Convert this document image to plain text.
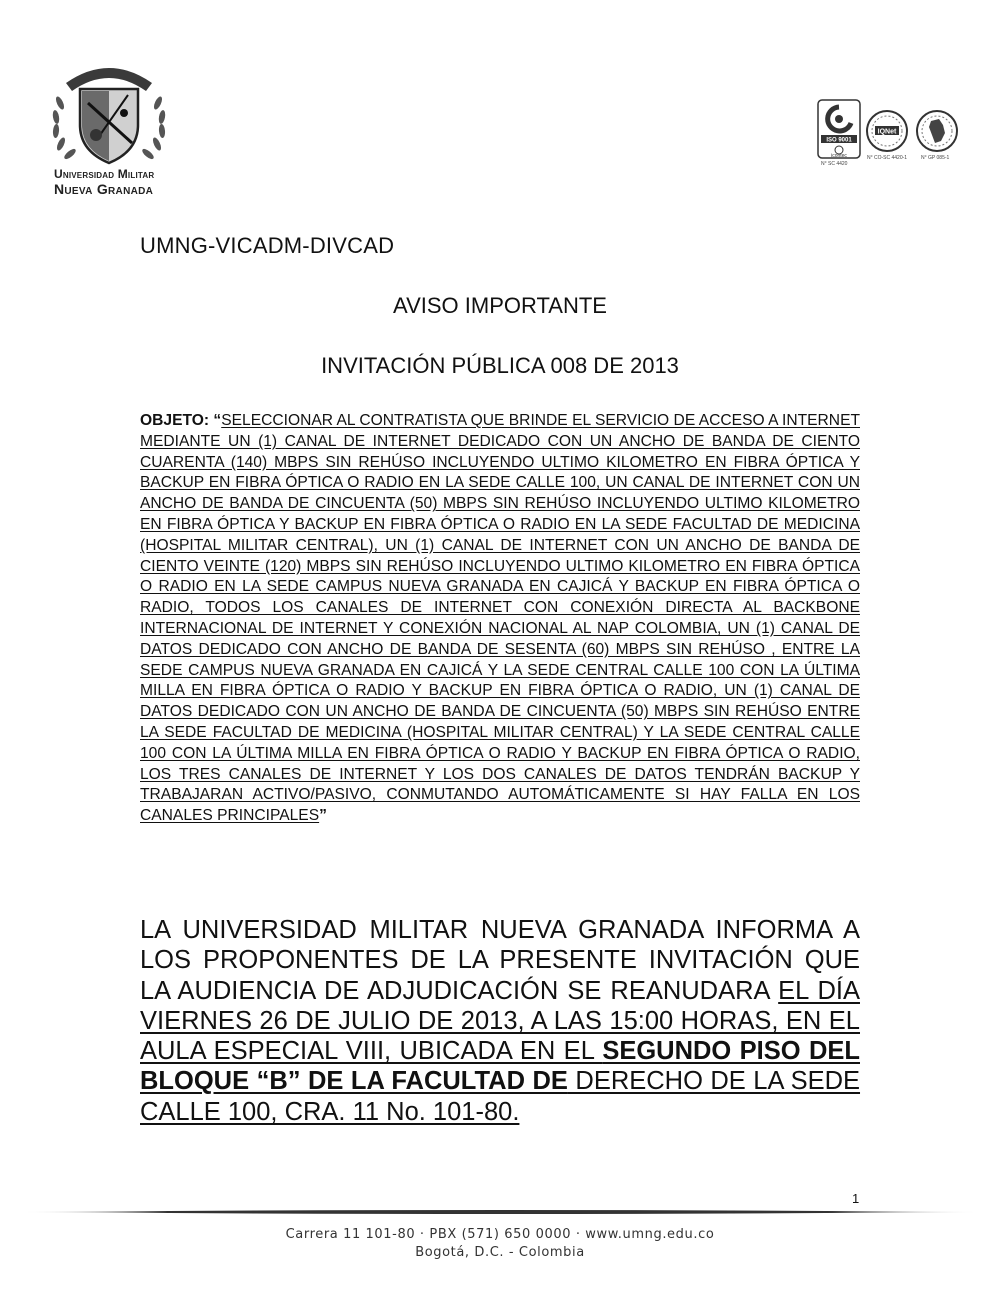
Universidad Militar
Nueva Granada
ISO 9001
icontec
N° SC 4420
IQNet
N° CO-SC 4420-1	N° GP 085-1
UMNG-VICADM-DIVCAD
AVISO IMPORTANTE
INVITACIÓN PÚBLICA 008 DE 2013
OBJETO: “SELECCIONAR AL CONTRATISTA QUE BRINDE EL SERVICIO DE ACCESO A INTERNET MEDIANTE UN (1) CANAL DE INTERNET DEDICADO CON UN ANCHO DE BANDA DE CIENTO CUARENTA (140) MBPS SIN REHÚSO INCLUYENDO ULTIMO KILOMETRO EN FIBRA ÓPTICA Y BACKUP EN FIBRA ÓPTICA O RADIO EN LA SEDE CALLE 100, UN CANAL DE INTERNET CON UN ANCHO DE BANDA DE CINCUENTA (50) MBPS SIN REHÚSO INCLUYENDO ULTIMO KILOMETRO EN FIBRA ÓPTICA Y BACKUP EN FIBRA ÓPTICA O RADIO EN LA SEDE FACULTAD DE MEDICINA (HOSPITAL MILITAR CENTRAL), UN (1) CANAL DE INTERNET CON UN ANCHO DE BANDA DE CIENTO VEINTE (120) MBPS SIN REHÚSO INCLUYENDO ULTIMO KILOMETRO EN FIBRA ÓPTICA O RADIO EN LA SEDE CAMPUS NUEVA GRANADA EN CAJICÁ Y BACKUP EN FIBRA ÓPTICA O RADIO, TODOS LOS CANALES DE INTERNET CON CONEXIÓN DIRECTA AL BACKBONE INTERNACIONAL DE INTERNET Y CONEXIÓN NACIONAL AL NAP COLOMBIA, UN (1) CANAL DE DATOS DEDICADO CON ANCHO DE BANDA DE SESENTA (60) MBPS SIN REHÚSO , ENTRE LA SEDE CAMPUS NUEVA GRANADA EN CAJICÁ Y LA SEDE CENTRAL CALLE 100 CON LA ÚLTIMA MILLA EN FIBRA ÓPTICA O RADIO Y BACKUP EN FIBRA ÓPTICA O RADIO, UN (1) CANAL DE DATOS DEDICADO CON UN ANCHO DE BANDA DE CINCUENTA (50) MBPS SIN REHÚSO ENTRE LA SEDE FACULTAD DE MEDICINA (HOSPITAL MILITAR CENTRAL) Y LA SEDE CENTRAL CALLE 100 CON LA ÚLTIMA MILLA EN FIBRA ÓPTICA O RADIO Y BACKUP EN FIBRA ÓPTICA O RADIO, LOS TRES CANALES DE INTERNET Y LOS DOS CANALES DE DATOS TENDRÁN BACKUP Y TRABAJARAN ACTIVO/PASIVO, CONMUTANDO AUTOMÁTICAMENTE SI HAY FALLA EN LOS CANALES PRINCIPALES”
LA UNIVERSIDAD MILITAR NUEVA GRANADA INFORMA A LOS PROPONENTES DE LA PRESENTE INVITACIÓN QUE LA AUDIENCIA DE ADJUDICACIÓN SE REANUDARA EL DÍA VIERNES 26 DE JULIO DE 2013, A LAS 15:00 HORAS, EN EL AULA ESPECIAL VIII, UBICADA EN EL SEGUNDO PISO DEL BLOQUE “B” DE LA FACULTAD DE DERECHO DE LA SEDE CALLE 100, CRA. 11 No. 101-80.
1
Carrera 11 101-80 · PBX (571) 650 0000 · www.umng.edu.co
Bogotá, D.C. - Colombia
